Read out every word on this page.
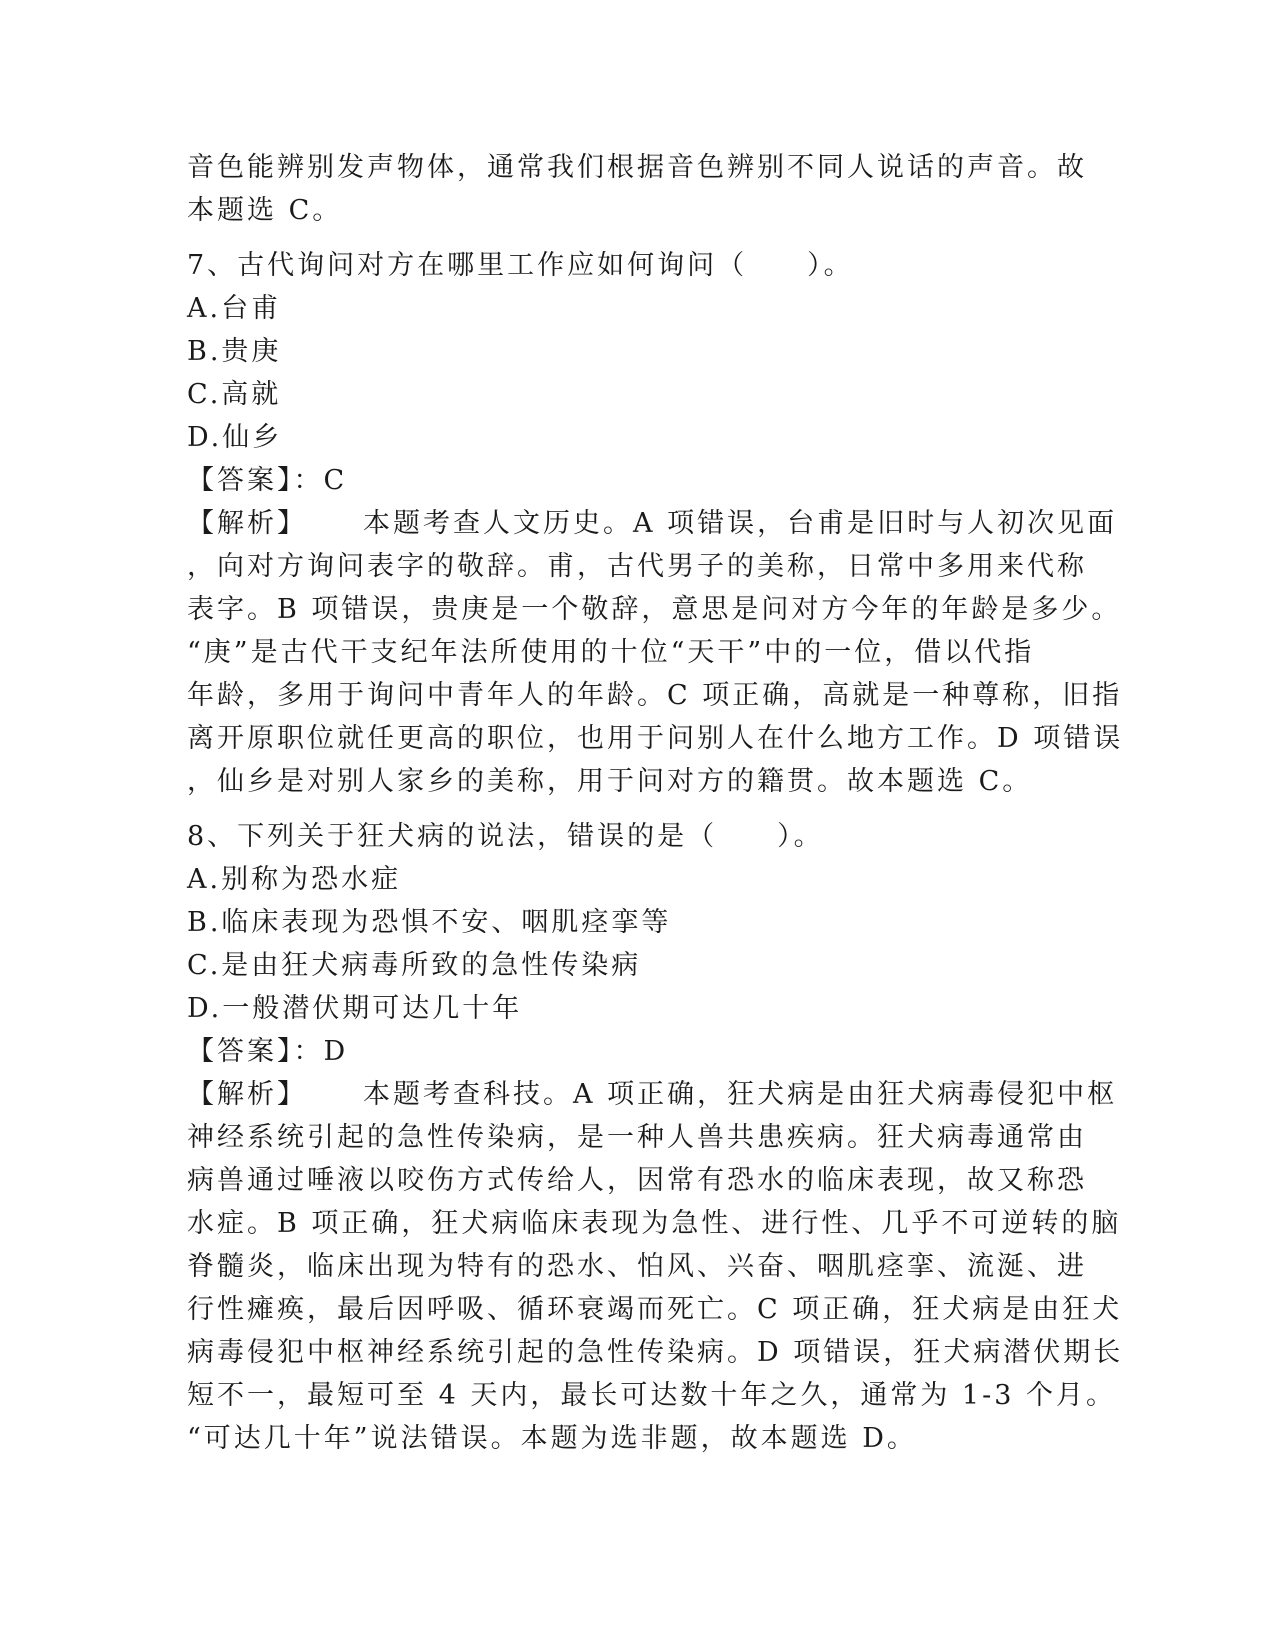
音色能辨别发声物体，通常我们根据音色辨别不同人说话的声音。故
本题选 C。
7、古代询问对方在哪里工作应如何询问（　　）。
A.台甫
B.贵庚
C.高就
D.仙乡
【答案】：C
【解析】 本题考查人文历史。A 项错误，台甫是旧时与人初次见面
，向对方询问表字的敬辞。甫，古代男子的美称，日常中多用来代称
表字。B 项错误，贵庚是一个敬辞，意思是问对方今年的年龄是多少。
“庚”是古代干支纪年法所使用的十位“天干”中的一位，借以代指
年龄，多用于询问中青年人的年龄。C 项正确，高就是一种尊称，旧指
离开原职位就任更高的职位，也用于问别人在什么地方工作。D 项错误
，仙乡是对别人家乡的美称，用于问对方的籍贯。故本题选 C。
8、下列关于狂犬病的说法，错误的是（　　）。
A.别称为恐水症
B.临床表现为恐惧不安、咽肌痉挛等
C.是由狂犬病毒所致的急性传染病
D.一般潜伏期可达几十年
【答案】：D
【解析】 本题考查科技。A 项正确，狂犬病是由狂犬病毒侵犯中枢
神经系统引起的急性传染病，是一种人兽共患疾病。狂犬病毒通常由
病兽通过唾液以咬伤方式传给人，因常有恐水的临床表现，故又称恐
水症。B 项正确，狂犬病临床表现为急性、进行性、几乎不可逆转的脑
脊髓炎，临床出现为特有的恐水、怕风、兴奋、咽肌痉挛、流涎、进
行性瘫痪，最后因呼吸、循环衰竭而死亡。C 项正确，狂犬病是由狂犬
病毒侵犯中枢神经系统引起的急性传染病。D 项错误，狂犬病潜伏期长
短不一，最短可至 4 天内，最长可达数十年之久，通常为 1-3 个月。
“可达几十年”说法错误。本题为选非题，故本题选 D。
